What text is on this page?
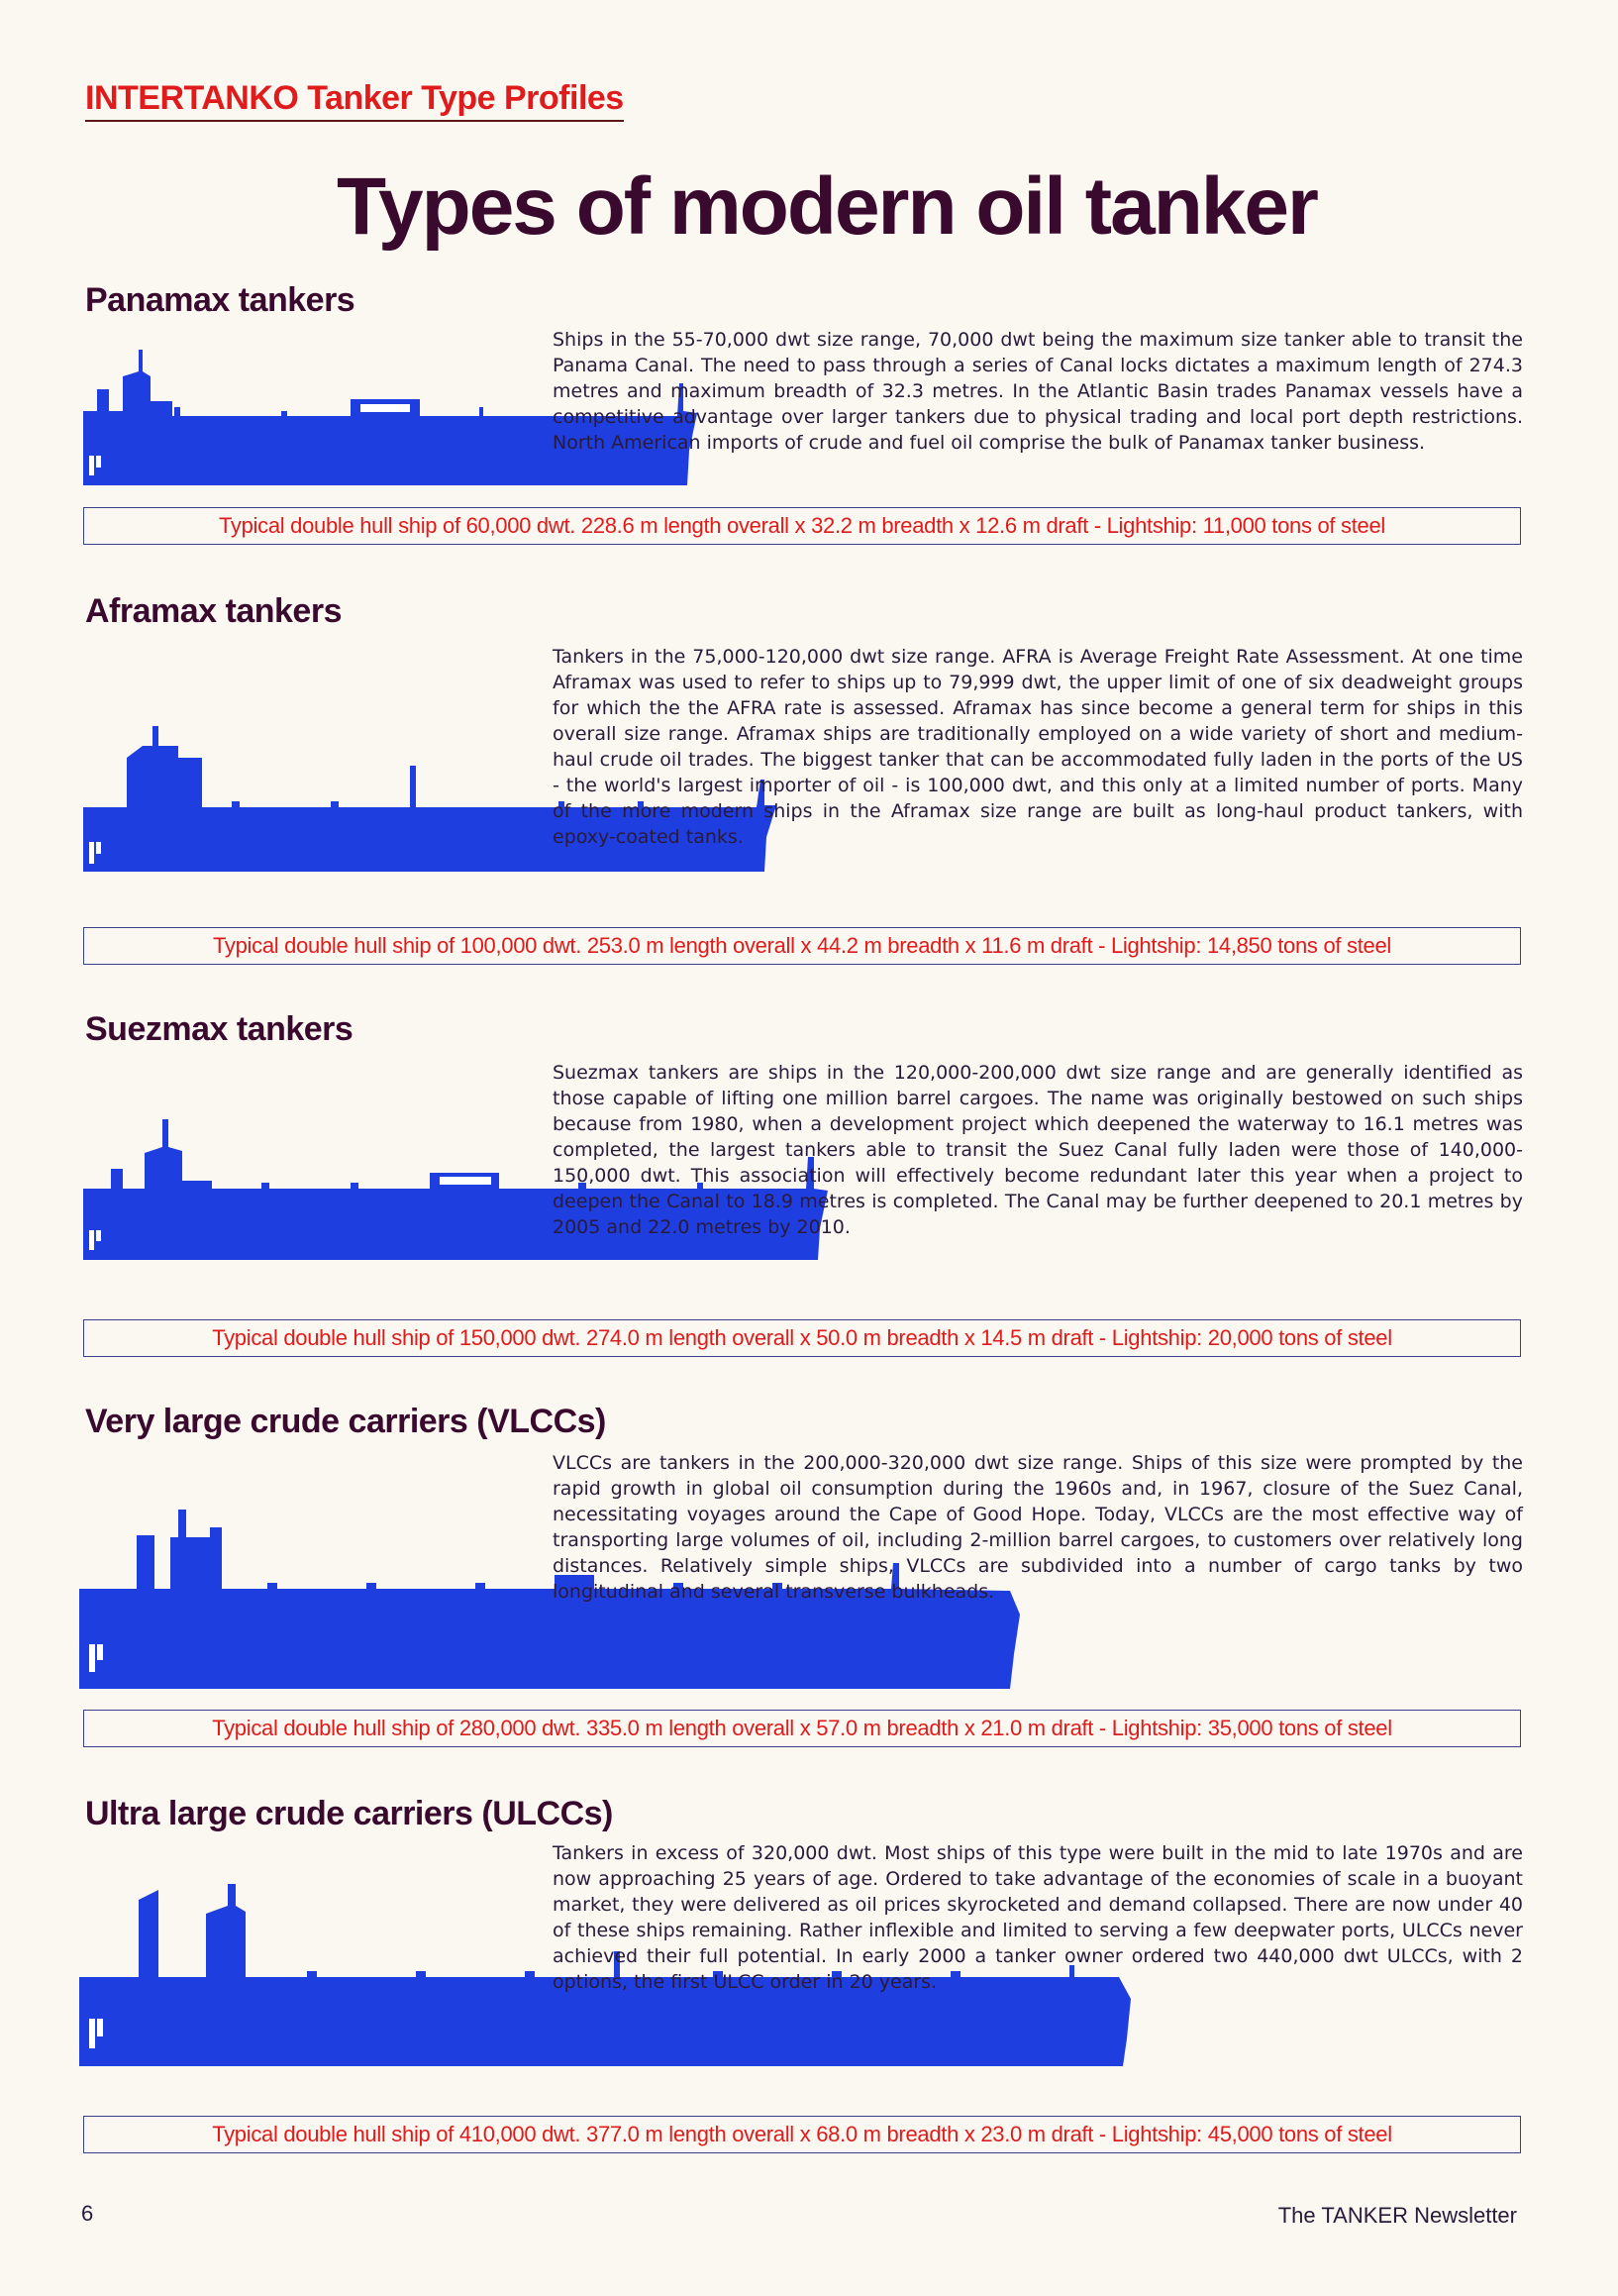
INTERTANKO Tanker Type Profiles
Types of modern oil tanker
Panamax tankers
Ships in the 55-70,000 dwt size range, 70,000 dwt being the maximum size tanker able to transit the Panama Canal. The need to pass through a series of Canal locks dictates a maximum length of 274.3 metres and maximum breadth of 32.3 metres. In the Atlantic Basin trades Panamax vessels have a competitive advantage over larger tankers due to physical trading and local port depth restrictions. North American imports of crude and fuel oil comprise the bulk of Panamax tanker business.
Typical double hull ship of 60,000 dwt. 228.6 m length overall x 32.2 m breadth x 12.6 m draft - Lightship: 11,000 tons of steel
Aframax tankers
Tankers in the 75,000-120,000 dwt size range. AFRA is Average Freight Rate Assessment. At one time Aframax was used to refer to ships up to 79,999 dwt, the upper limit of one of six deadweight groups for which the the AFRA rate is assessed. Aframax has since become a general term for ships in this overall size range. Aframax ships are traditionally employed on a wide variety of short and medium-haul crude oil trades. The biggest tanker that can be accommodated fully laden in the ports of the US - the world's largest importer of oil - is 100,000 dwt, and this only at a limited number of ports. Many of the more modern ships in the Aframax size range are built as long-haul product tankers, with epoxy-coated tanks.
Typical double hull ship of 100,000 dwt. 253.0 m length overall x 44.2 m breadth x 11.6 m draft - Lightship: 14,850 tons of steel
Suezmax tankers
Suezmax tankers are ships in the 120,000-200,000 dwt size range and are generally identified as those capable of lifting one million barrel cargoes. The name was originally bestowed on such ships because from 1980, when a development project which deepened the waterway to 16.1 metres was completed, the largest tankers able to transit the Suez Canal fully laden were those of 140,000-150,000 dwt. This association will effectively become redundant later this year when a project to deepen the Canal to 18.9 metres is completed. The Canal may be further deepened to 20.1 metres by 2005 and 22.0 metres by 2010.
Typical double hull ship of 150,000 dwt. 274.0 m length overall x 50.0 m breadth x 14.5 m draft - Lightship: 20,000 tons of steel
Very large crude carriers (VLCCs)
VLCCs are tankers in the 200,000-320,000 dwt size range. Ships of this size were prompted by the rapid growth in global oil consumption during the 1960s and, in 1967, closure of the Suez Canal, necessitating voyages around the Cape of Good Hope. Today, VLCCs are the most effective way of transporting large volumes of oil, including 2-million barrel cargoes, to customers over relatively long distances. Relatively simple ships, VLCCs are subdivided into a number of cargo tanks by two longitudinal and several transverse bulkheads.
Typical double hull ship of 280,000 dwt. 335.0 m length overall x 57.0 m breadth x 21.0 m draft - Lightship: 35,000 tons of steel
Ultra large crude carriers (ULCCs)
Tankers in excess of 320,000 dwt. Most ships of this type were built in the mid to late 1970s and are now approaching 25 years of age. Ordered to take advantage of the economies of scale in a buoyant market, they were delivered as oil prices skyrocketed and demand collapsed. There are now under 40 of these ships remaining. Rather inflexible and limited to serving a few deepwater ports, ULCCs never achieved their full potential. In early 2000 a tanker owner ordered two 440,000 dwt ULCCs, with 2 options, the first ULCC order in 20 years.
Typical double hull ship of 410,000 dwt. 377.0 m length overall x 68.0 m breadth x 23.0 m draft - Lightship: 45,000 tons of steel
6	The TANKER Newsletter
